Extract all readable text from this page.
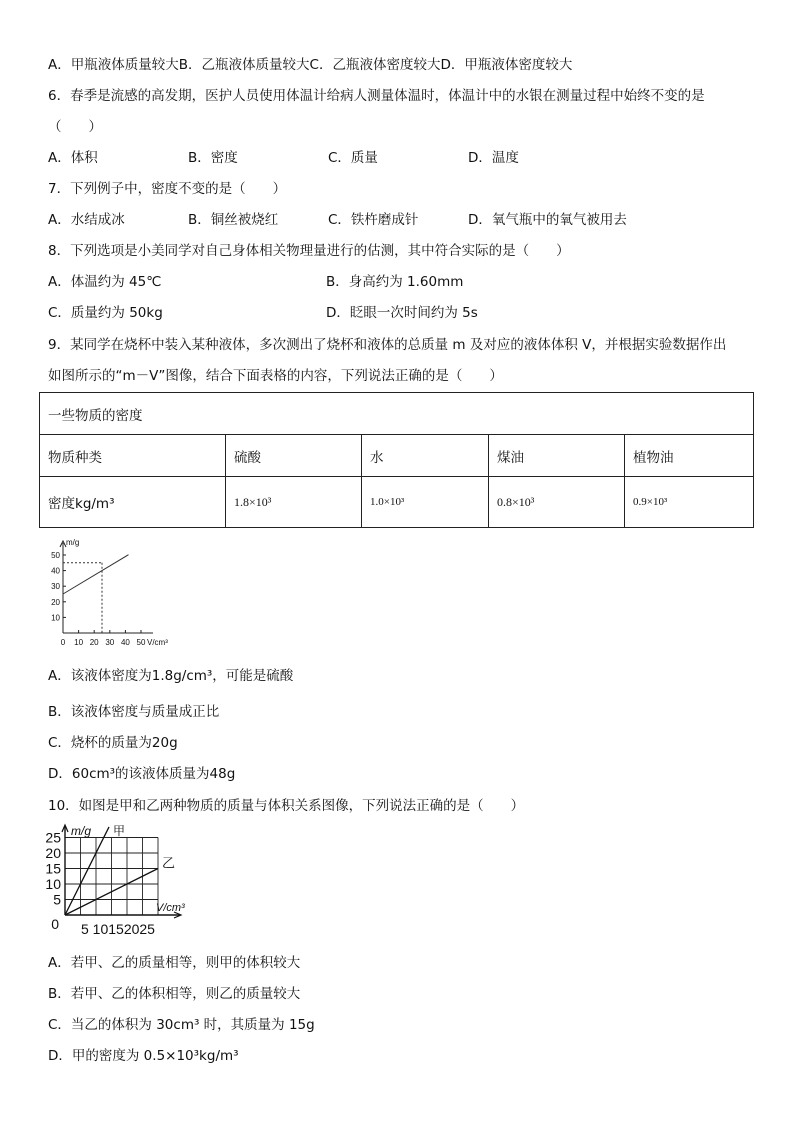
A．甲瓶液体质量较大B．乙瓶液体质量较大C．乙瓶液体密度较大D．甲瓶液体密度较大
6．春季是流感的高发期，医护人员使用体温计给病人测量体温时，体温计中的水银在测量过程中始终不变的是
（　　）
A．体积	B．密度	C．质量	D．温度
7．下列例子中，密度不变的是（　　）
A．水结成冰	B．铜丝被烧红	C．铁杵磨成针	D．氧气瓶中的氧气被用去
8．下列选项是小美同学对自己身体相关物理量进行的估测，其中符合实际的是（　　）
A．体温约为 45℃	B．身高约为 1.60mm
C．质量约为 50kg	D．眨眼一次时间约为 5s
9．某同学在烧杯中装入某种液体，多次测出了烧杯和液体的总质量 m 及对应的液体体积 V，并根据实验数据作出
如图所示的“m－V”图像，结合下面表格的内容，下列说法正确的是（　　）
一些物质的密度				
物质种类	硫酸	水	煤油	植物油
密度kg/m³	1.8×10³	1.0×10³	0.8×10³	0.9×10³
m/g
10
20
30
40
50
0 10 20 30 40 50 V/cm³
A．该液体密度为1.8g/cm³，可能是硫酸
B．该液体密度与质量成正比
C．烧杯的质量为20g
D．60cm³的该液体质量为48g
10．如图是甲和乙两种物质的质量与体积关系图像，下列说法正确的是（　　）
m/g 甲
V/cm³
5
10
15
20
25
0 5 10152025
乙
A．若甲、乙的质量相等，则甲的体积较大
B．若甲、乙的体积相等，则乙的质量较大
C．当乙的体积为 30cm³ 时，其质量为 15g
D．甲的密度为 0.5×10³kg/m³
